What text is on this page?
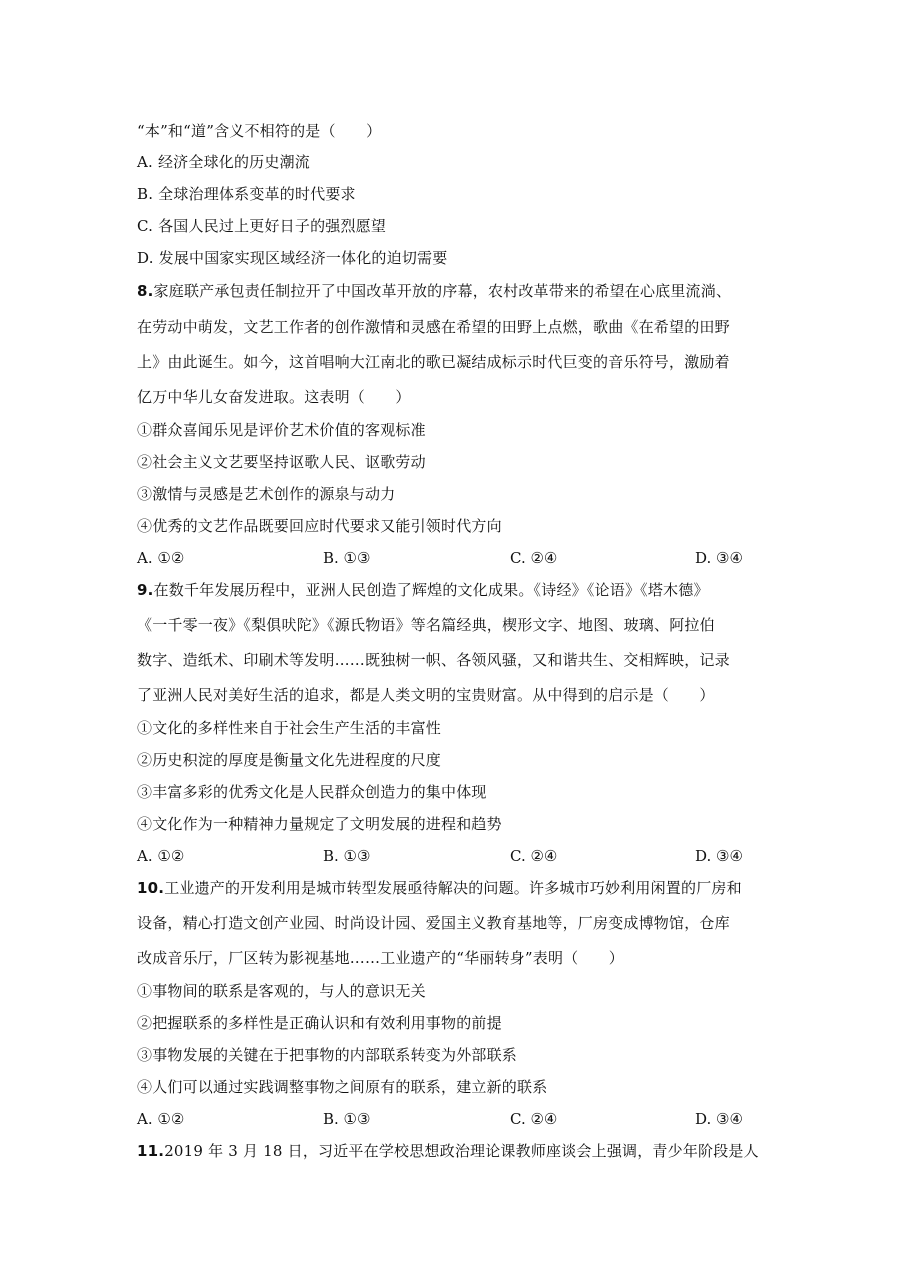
“本”和“道”含义不相符的是（　　）
A. 经济全球化的历史潮流
B. 全球治理体系变革的时代要求
C. 各国人民过上更好日子的强烈愿望
D. 发展中国家实现区域经济一体化的迫切需要
8.家庭联产承包责任制拉开了中国改革开放的序幕，农村改革带来的希望在心底里流淌、
在劳动中萌发，文艺工作者的创作激情和灵感在希望的田野上点燃，歌曲《在希望的田野
上》由此诞生。如今，这首唱响大江南北的歌已凝结成标示时代巨变的音乐符号，激励着
亿万中华儿女奋发进取。这表明（　　）
①群众喜闻乐见是评价艺术价值的客观标准
②社会主义文艺要坚持讴歌人民、讴歌劳动
③激情与灵感是艺术创作的源泉与动力
④优秀的文艺作品既要回应时代要求又能引领时代方向
A. ①②	B. ①③	C. ②④	D. ③④
9.在数千年发展历程中，亚洲人民创造了辉煌的文化成果。《诗经》《论语》《塔木德》
《一千零一夜》《梨俱吠陀》《源氏物语》等名篇经典，楔形文字、地图、玻璃、阿拉伯
数字、造纸术、印刷术等发明……既独树一帜、各领风骚，又和谐共生、交相辉映，记录
了亚洲人民对美好生活的追求，都是人类文明的宝贵财富。从中得到的启示是（　　）
①文化的多样性来自于社会生产生活的丰富性
②历史积淀的厚度是衡量文化先进程度的尺度
③丰富多彩的优秀文化是人民群众创造力的集中体现
④文化作为一种精神力量规定了文明发展的进程和趋势
A. ①②	B. ①③	C. ②④	D. ③④
10.工业遗产的开发利用是城市转型发展亟待解决的问题。许多城市巧妙利用闲置的厂房和
设备，精心打造文创产业园、时尚设计园、爱国主义教育基地等，厂房变成博物馆，仓库
改成音乐厅，厂区转为影视基地……工业遗产的“华丽转身”表明（　　）
①事物间的联系是客观的，与人的意识无关
②把握联系的多样性是正确认识和有效利用事物的前提
③事物发展的关键在于把事物的内部联系转变为外部联系
④人们可以通过实践调整事物之间原有的联系，建立新的联系
A. ①②	B. ①③	C. ②④	D. ③④
11.2019 年 3 月 18 日，习近平在学校思想政治理论课教师座谈会上强调，青少年阶段是人
